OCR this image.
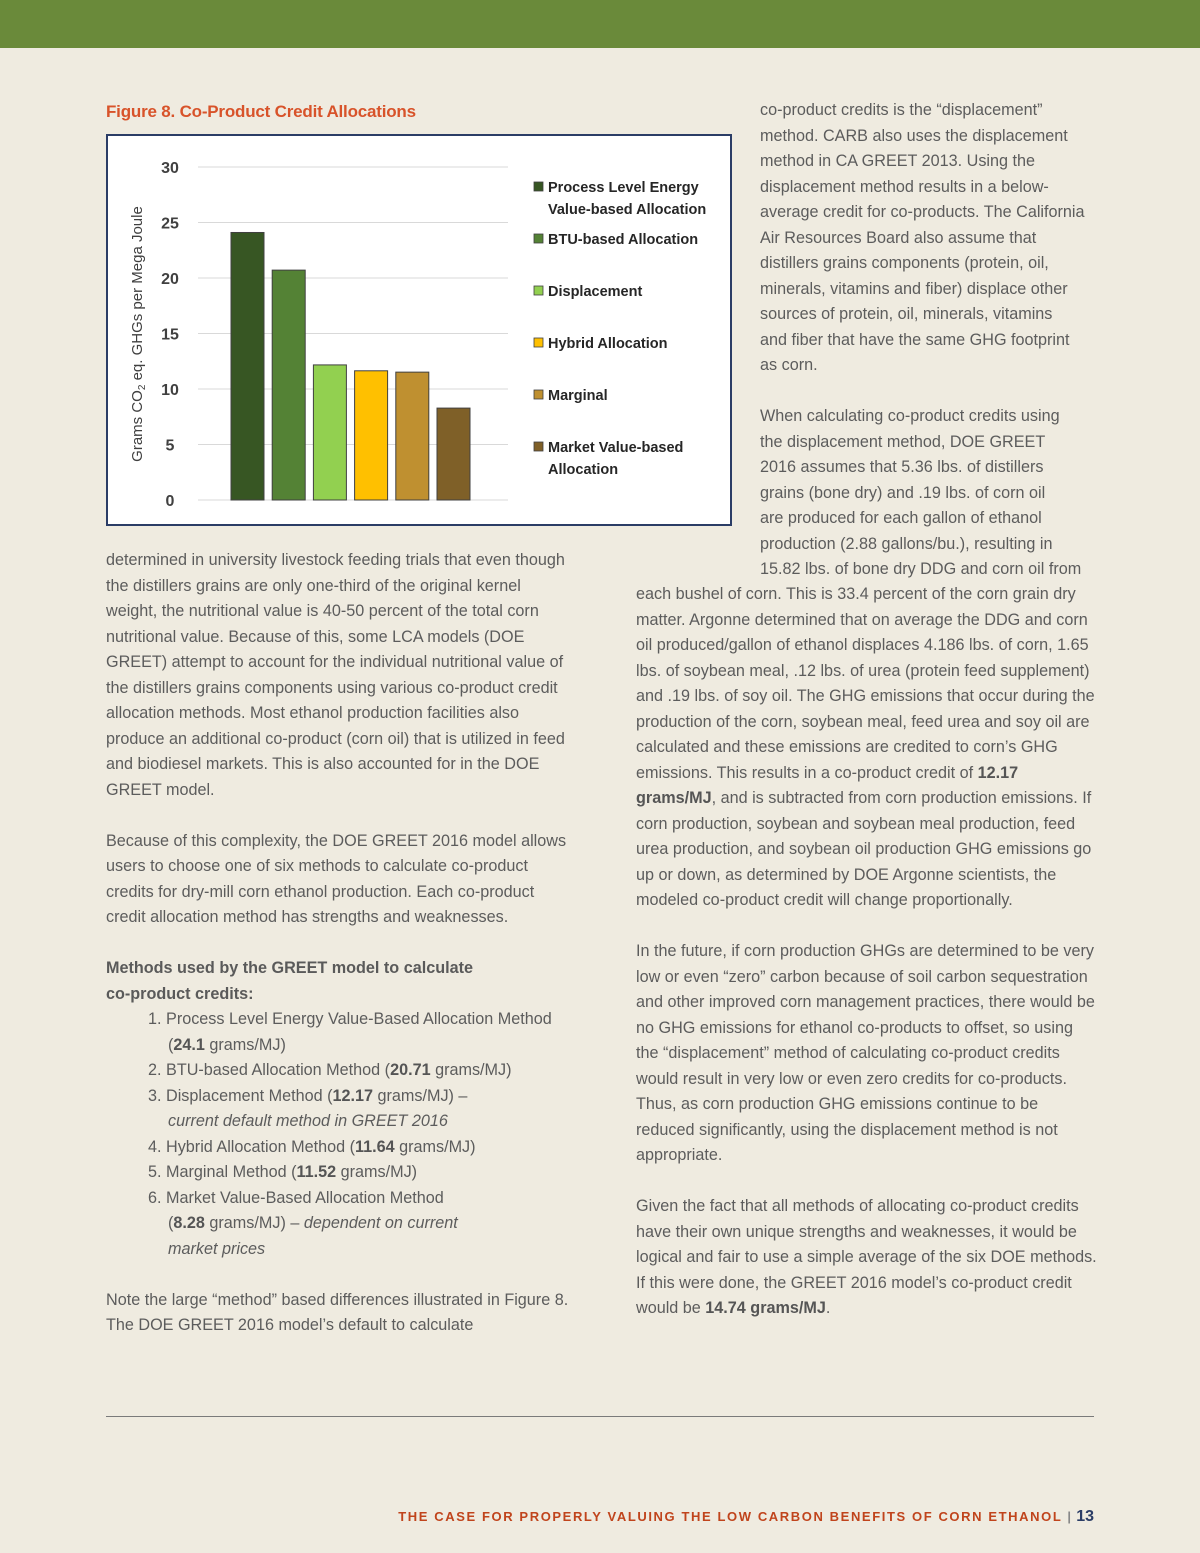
Figure 8. Co-Product Credit Allocations
0
5
10
15
20
25
30
Grams $CO_2$ eq. GHGs per Mega Joule
Process Level Energy
Value-based Allocation
BTU-based Allocation
Displacement
Hybrid Allocation
Marginal
Market Value-based
Allocation

determined in university livestock feeding trials that even though the distillers grains are only one-third of the original kernel weight, the nutritional value is 40-50 percent of the total corn nutritional value. Because of this, some LCA models (DOE GREET) attempt to account for the individual nutritional value of the distillers grains components using various co-product credit allocation methods. Most ethanol production facilities also produce an additional co-product (corn oil) that is utilized in feed and biodiesel markets. This is also accounted for in the DOE GREET model.

Because of this complexity, the DOE GREET 2016 model allows users to choose one of six methods to calculate co-product credits for dry-mill corn ethanol production. Each co-product credit allocation method has strengths and weaknesses.

Methods used by the GREET model to calculate
co-product credits:

1. Process Level Energy Value-Based Allocation Method
(24.1 grams/MJ)
2. BTU-based Allocation Method (20.71 grams/MJ)
3. Displacement Method (12.17 grams/MJ) –
current default method in GREET 2016
4. Hybrid Allocation Method (11.64 grams/MJ)
5. Marginal Method (11.52 grams/MJ)
6. Market Value-Based Allocation Method
(8.28 grams/MJ) – dependent on current market prices

Note the large “method” based differences illustrated in Figure 8. The DOE GREET 2016 model’s default to calculate

co-product credits is the “displacement”
method. CARB also uses the displacement
method in CA GREET 2013. Using the
displacement method results in a below-
average credit for co-products. The California
Air Resources Board also assume that
distillers grains components (protein, oil,
minerals, vitamins and fiber) displace other
sources of protein, oil, minerals, vitamins
and fiber that have the same GHG footprint
as corn.

When calculating co-product credits using
the displacement method, DOE GREET
2016 assumes that 5.36 lbs. of distillers
grains (bone dry) and .19 lbs. of corn oil
are produced for each gallon of ethanol
production (2.88 gallons/bu.), resulting in
15.82 lbs. of bone dry DDG and corn oil from

each bushel of corn. This is 33.4 percent of the corn grain dry matter. Argonne determined that on average the DDG and corn oil produced/gallon of ethanol displaces 4.186 lbs. of corn, 1.65 lbs. of soybean meal, .12 lbs. of urea (protein feed supplement) and .19 lbs. of soy oil. The GHG emissions that occur during the production of the corn, soybean meal, feed urea and soy oil are calculated and these emissions are credited to corn’s GHG emissions. This results in a co-product credit of 12.17 grams/MJ, and is subtracted from corn production emissions. If corn production, soybean and soybean meal production, feed urea production, and soybean oil production GHG emissions go up or down, as determined by DOE Argonne scientists, the modeled co-product credit will change proportionally.

In the future, if corn production GHGs are determined to be very low or even “zero” carbon because of soil carbon sequestration and other improved corn management practices, there would be no GHG emissions for ethanol co-products to offset, so using the “displacement” method of calculating co-product credits would result in very low or even zero credits for co-products. Thus, as corn production GHG emissions continue to be reduced significantly, using the displacement method is not appropriate.

Given the fact that all methods of allocating co-product credits have their own unique strengths and weaknesses, it would be logical and fair to use a simple average of the six DOE methods. If this were done, the GREET 2016 model’s co-product credit would be 14.74 grams/MJ.

THE CASE FOR PROPERLY VALUING THE LOW CARBON BENEFITS OF CORN ETHANOL | 13
